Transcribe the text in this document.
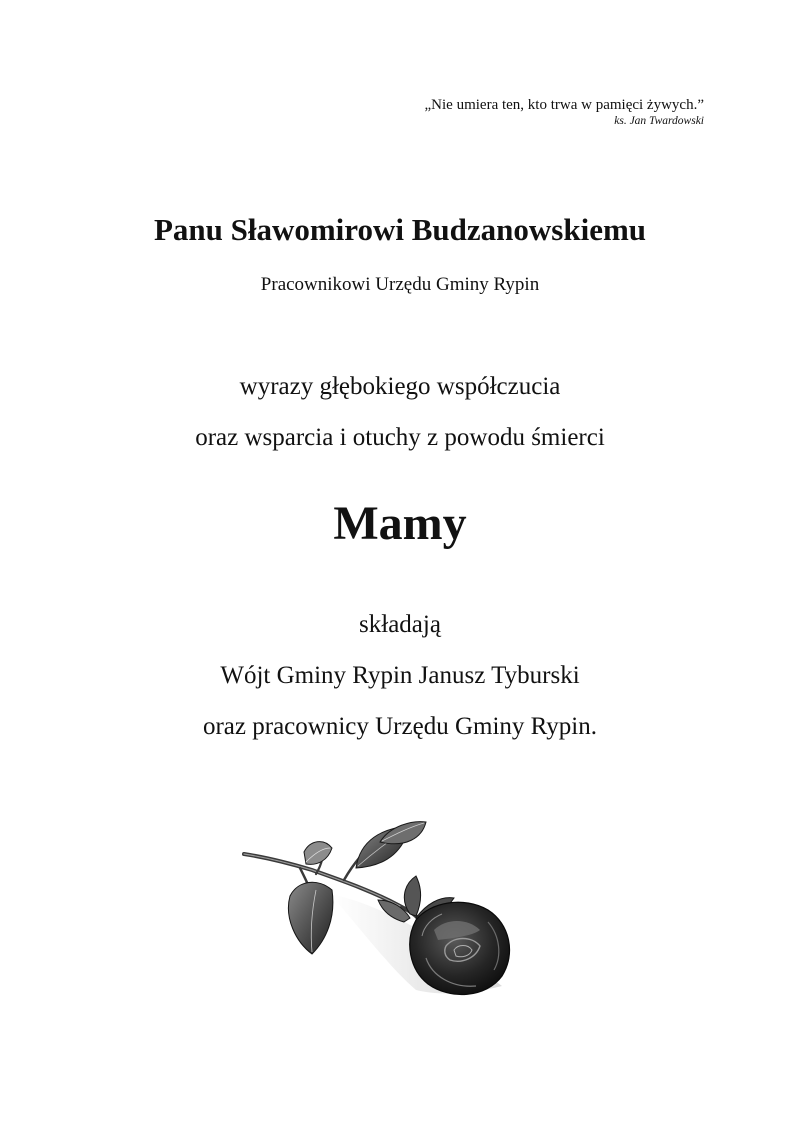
„Nie umiera ten, kto trwa w pamięci żywych.”
ks. Jan Twardowski
Panu Sławomirowi Budzanowskiemu
Pracownikowi Urzędu Gminy Rypin
wyrazy głębokiego współczucia
oraz wsparcia i otuchy z powodu śmierci
Mamy
składają
Wójt Gminy Rypin Janusz Tyburski
oraz pracownicy Urzędu Gminy Rypin.
